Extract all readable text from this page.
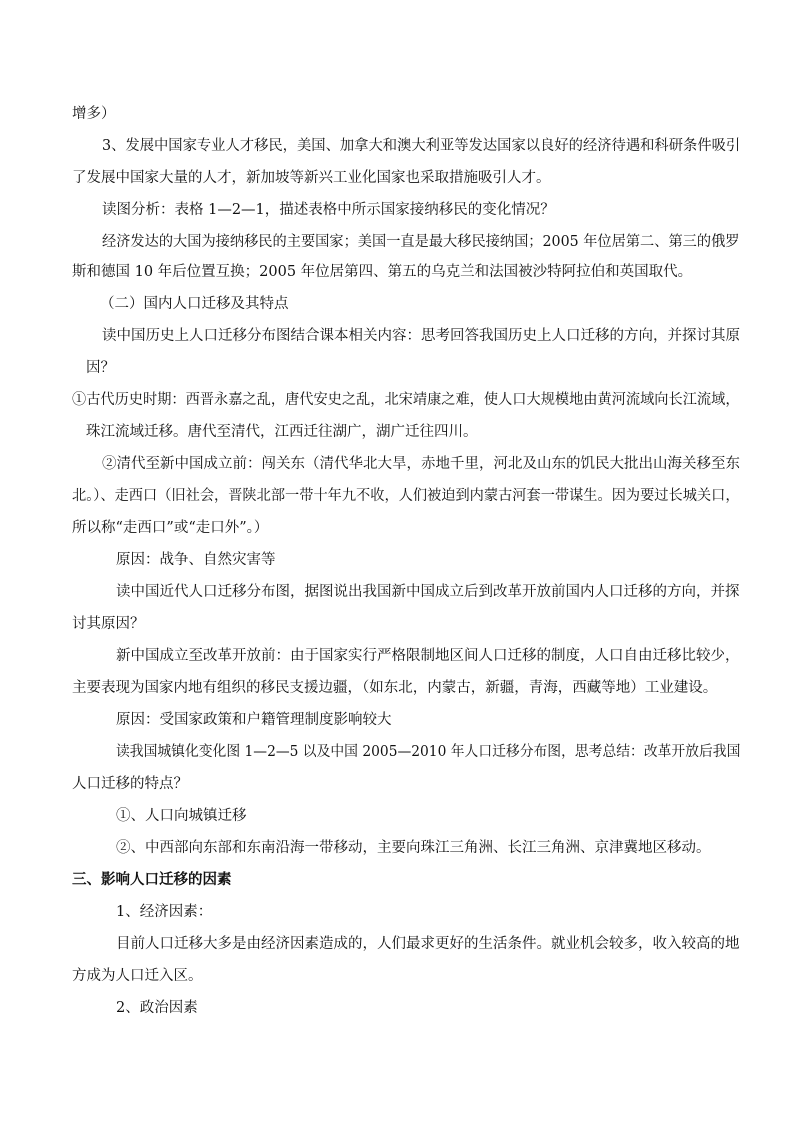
增多）
3、发展中国家专业人才移民，美国、加拿大和澳大利亚等发达国家以良好的经济待遇和科研条件吸引
了发展中国家大量的人才，新加坡等新兴工业化国家也采取措施吸引人才。
读图分析：表格 1—2—1，描述表格中所示国家接纳移民的变化情况？
经济发达的大国为接纳移民的主要国家；美国一直是最大移民接纳国；2005 年位居第二、第三的俄罗
斯和德国 10 年后位置互换；2005 年位居第四、第五的乌克兰和法国被沙特阿拉伯和英国取代。
（二）国内人口迁移及其特点
读中国历史上人口迁移分布图结合课本相关内容：思考回答我国历史上人口迁移的方向，并探讨其原
因？
①古代历史时期：西晋永嘉之乱，唐代安史之乱，北宋靖康之难，使人口大规模地由黄河流域向长江流域，
珠江流域迁移。唐代至清代，江西迁往湖广，湖广迁往四川。
②清代至新中国成立前：闯关东（清代华北大旱，赤地千里，河北及山东的饥民大批出山海关移至东
北。）、走西口（旧社会，晋陕北部一带十年九不收，人们被迫到内蒙古河套一带谋生。因为要过长城关口，
所以称“走西口”或“走口外”。）
原因：战争、自然灾害等
读中国近代人口迁移分布图，据图说出我国新中国成立后到改革开放前国内人口迁移的方向，并探
讨其原因？
新中国成立至改革开放前：由于国家实行严格限制地区间人口迁移的制度，人口自由迁移比较少，
主要表现为国家内地有组织的移民支援边疆，（如东北，内蒙古，新疆，青海，西藏等地）工业建设。
原因：受国家政策和户籍管理制度影响较大
读我国城镇化变化图 1—2—5 以及中国 2005—2010 年人口迁移分布图，思考总结：改革开放后我国
人口迁移的特点？
①、人口向城镇迁移
②、中西部向东部和东南沿海一带移动，主要向珠江三角洲、长江三角洲、京津冀地区移动。
三、影响人口迁移的因素
1、经济因素：
目前人口迁移大多是由经济因素造成的，人们最求更好的生活条件。就业机会较多，收入较高的地
方成为人口迁入区。
2、政治因素
